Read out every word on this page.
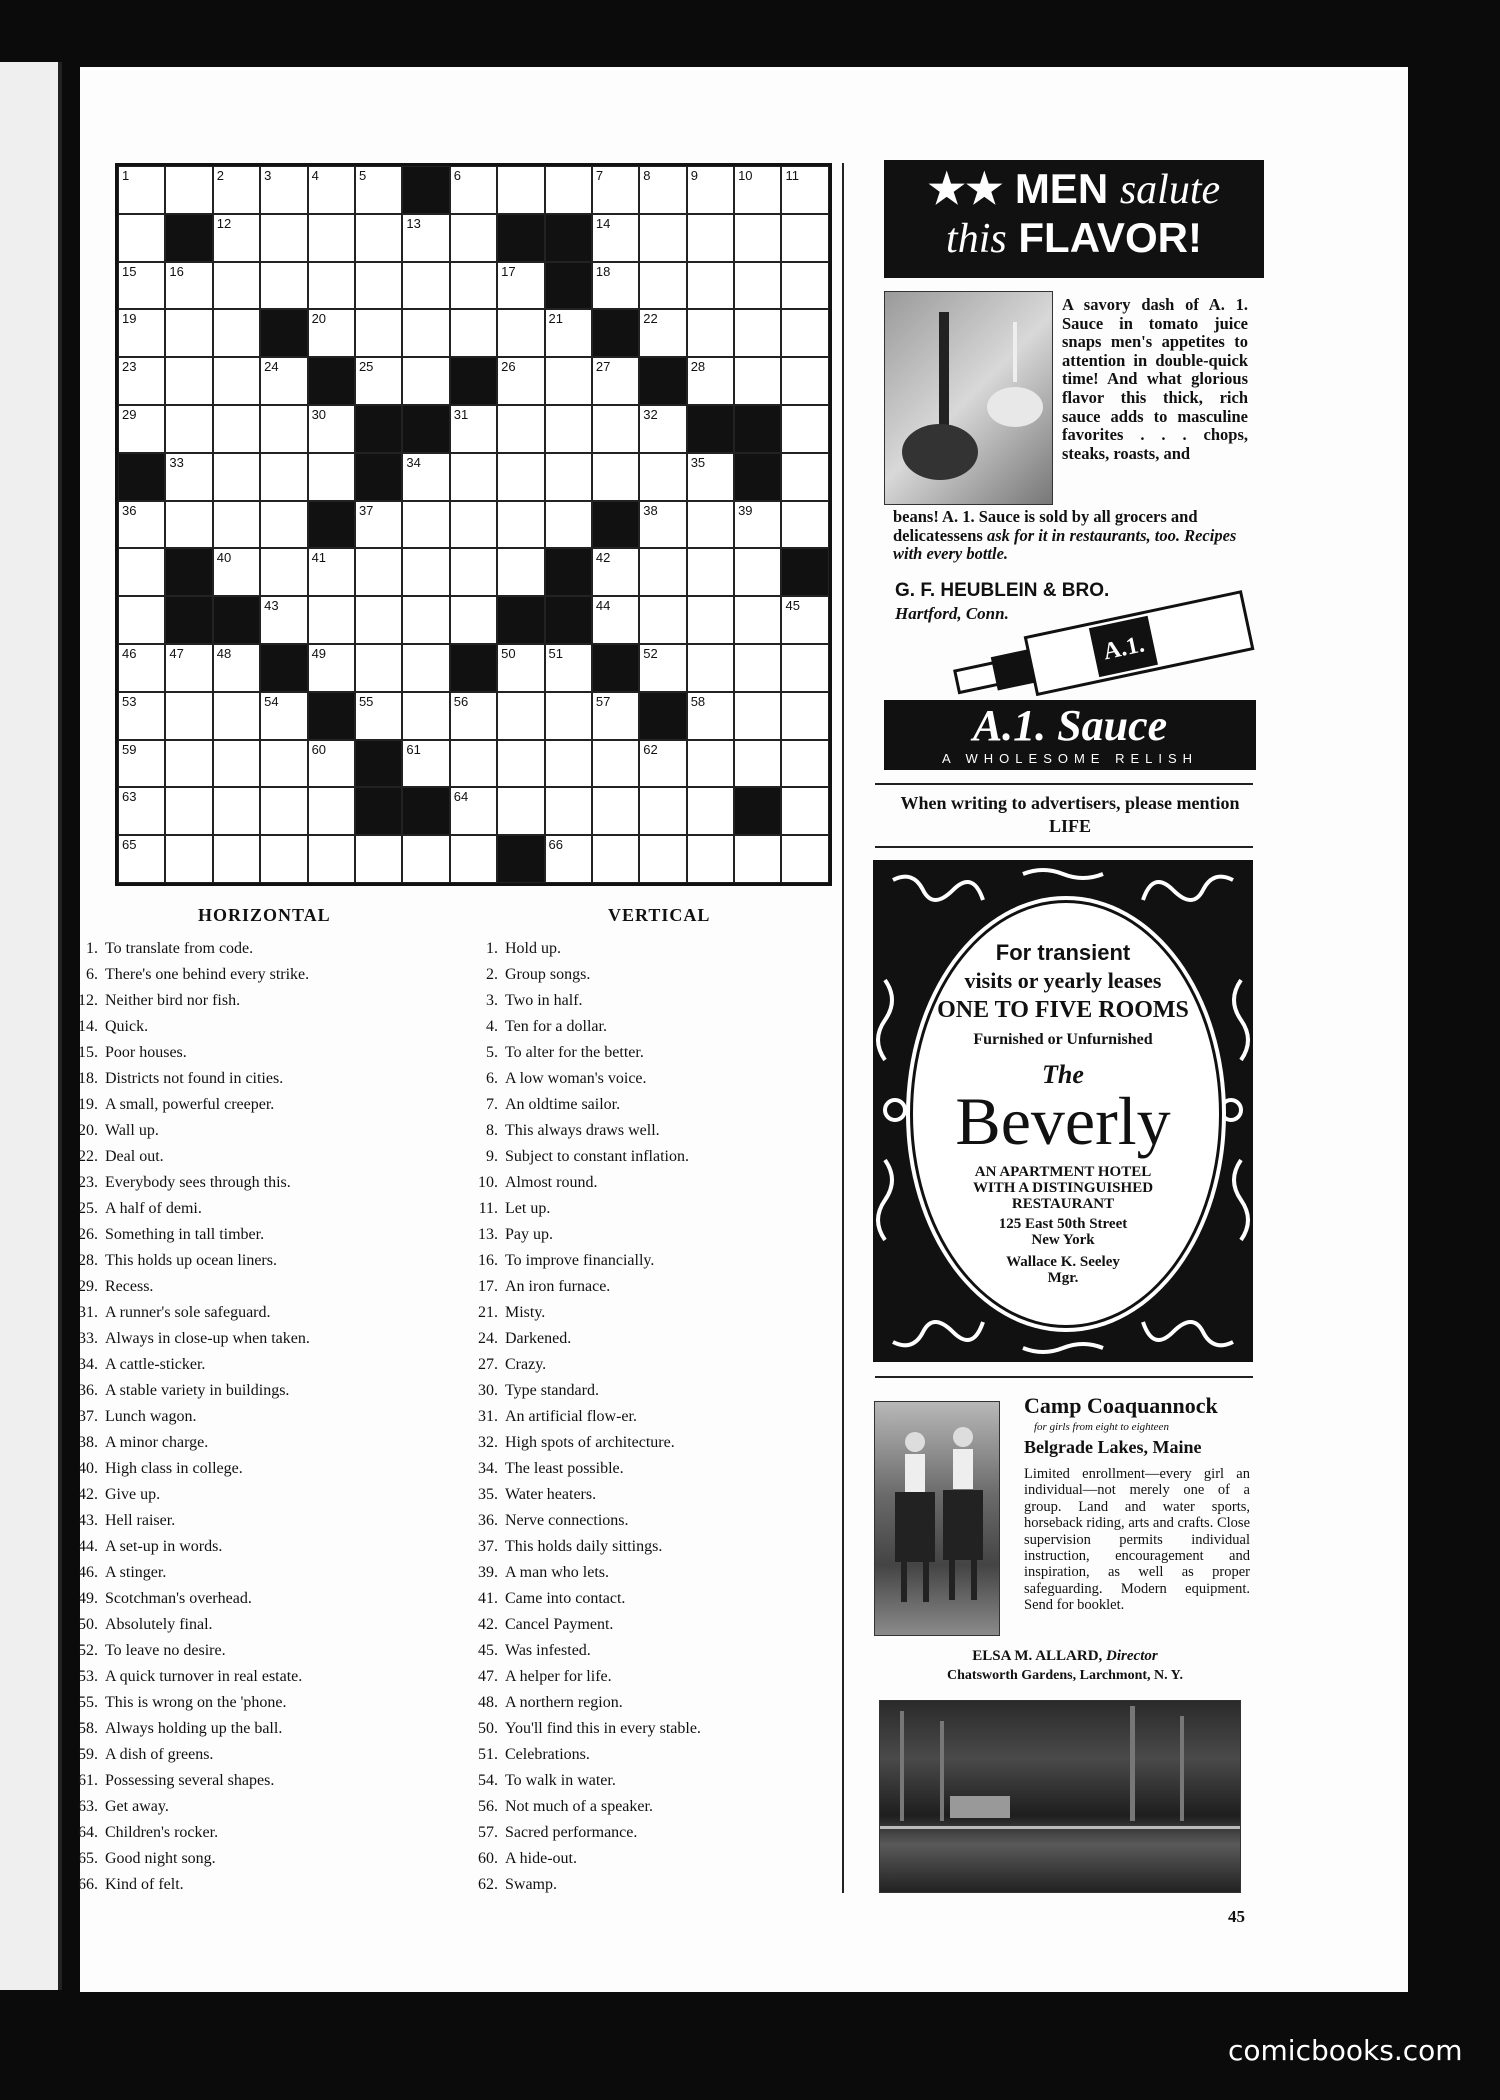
1	2	3	4	5	6	7	8	9	10	11
12	13	14
15	16	17	18
19	20	21	22
23	24	25	26	27	28
29	30	31	32
33	34	35
36	37	38	39
40	41	42
43	44	45
46	47	48	49	50	51	52
53	54	55	56	57	58
59	60	61	62
63	64
65	66
HORIZONTAL
1. To translate from code.
6. There's one behind every strike.
12. Neither bird nor fish.
14. Quick.
15. Poor houses.
18. Districts not found in cities.
19. A small, powerful creeper.
20. Wall up.
22. Deal out.
23. Everybody sees through this.
25. A half of demi.
26. Something in tall timber.
28. This holds up ocean liners.
29. Recess.
31. A runner's sole safeguard.
33. Always in close-up when taken.
34. A cattle-sticker.
36. A stable variety in buildings.
37. Lunch wagon.
38. A minor charge.
40. High class in college.
42. Give up.
43. Hell raiser.
44. A set-up in words.
46. A stinger.
49. Scotchman's overhead.
50. Absolutely final.
52. To leave no desire.
53. A quick turnover in real estate.
55. This is wrong on the 'phone.
58. Always holding up the ball.
59. A dish of greens.
61. Possessing several shapes.
63. Get away.
64. Children's rocker.
65. Good night song.
66. Kind of felt.
VERTICAL
1. Hold up.
2. Group songs.
3. Two in half.
4. Ten for a dollar.
5. To alter for the better.
6. A low woman's voice.
7. An oldtime sailor.
8. This always draws well.
9. Subject to constant inflation.
10. Almost round.
11. Let up.
13. Pay up.
16. To improve financially.
17. An iron furnace.
21. Misty.
24. Darkened.
27. Crazy.
30. Type standard.
31. An artificial flow-er.
32. High spots of architecture.
34. The least possible.
35. Water heaters.
36. Nerve connections.
37. This holds daily sittings.
39. A man who lets.
41. Came into contact.
42. Cancel Payment.
45. Was infested.
47. A helper for life.
48. A northern region.
50. You'll find this in every stable.
51. Celebrations.
54. To walk in water.
56. Not much of a speaker.
57. Sacred performance.
60. A hide-out.
62. Swamp.
★★ MEN salute
this FLAVOR!
A savory dash of A. 1. Sauce in tomato juice snaps men's appetites to attention in double-quick time! And what glorious flavor this thick, rich sauce adds to masculine favorites . . . chops, steaks, roasts, and
beans! A. 1. Sauce is sold by all grocers and delicatessens ask for it in restaurants, too. Recipes with every bottle.
G. F. HEUBLEIN & BRO.
Hartford, Conn.
A.1.
A.1. Sauce
A WHOLESOME RELISH
When writing to advertisers, please mention LIFE
For transient
visits or yearly leases
ONE TO FIVE ROOMS
Furnished or Unfurnished
The
Beverly
AN APARTMENT HOTEL
WITH A DISTINGUISHED
RESTAURANT
125 East 50th Street
New York
Wallace K. Seeley
Mgr.
Camp Coaquannock
for girls from eight to eighteen
Belgrade Lakes, Maine
Limited enrollment—every girl an individual—not merely one of a group. Land and water sports, horseback riding, arts and crafts. Close supervision permits individual instruction, encouragement and inspiration, as well as proper safeguarding. Modern equipment. Send for booklet.
ELSA M. ALLARD, Director
Chatsworth Gardens, Larchmont, N. Y.
45
comicbooks.com
